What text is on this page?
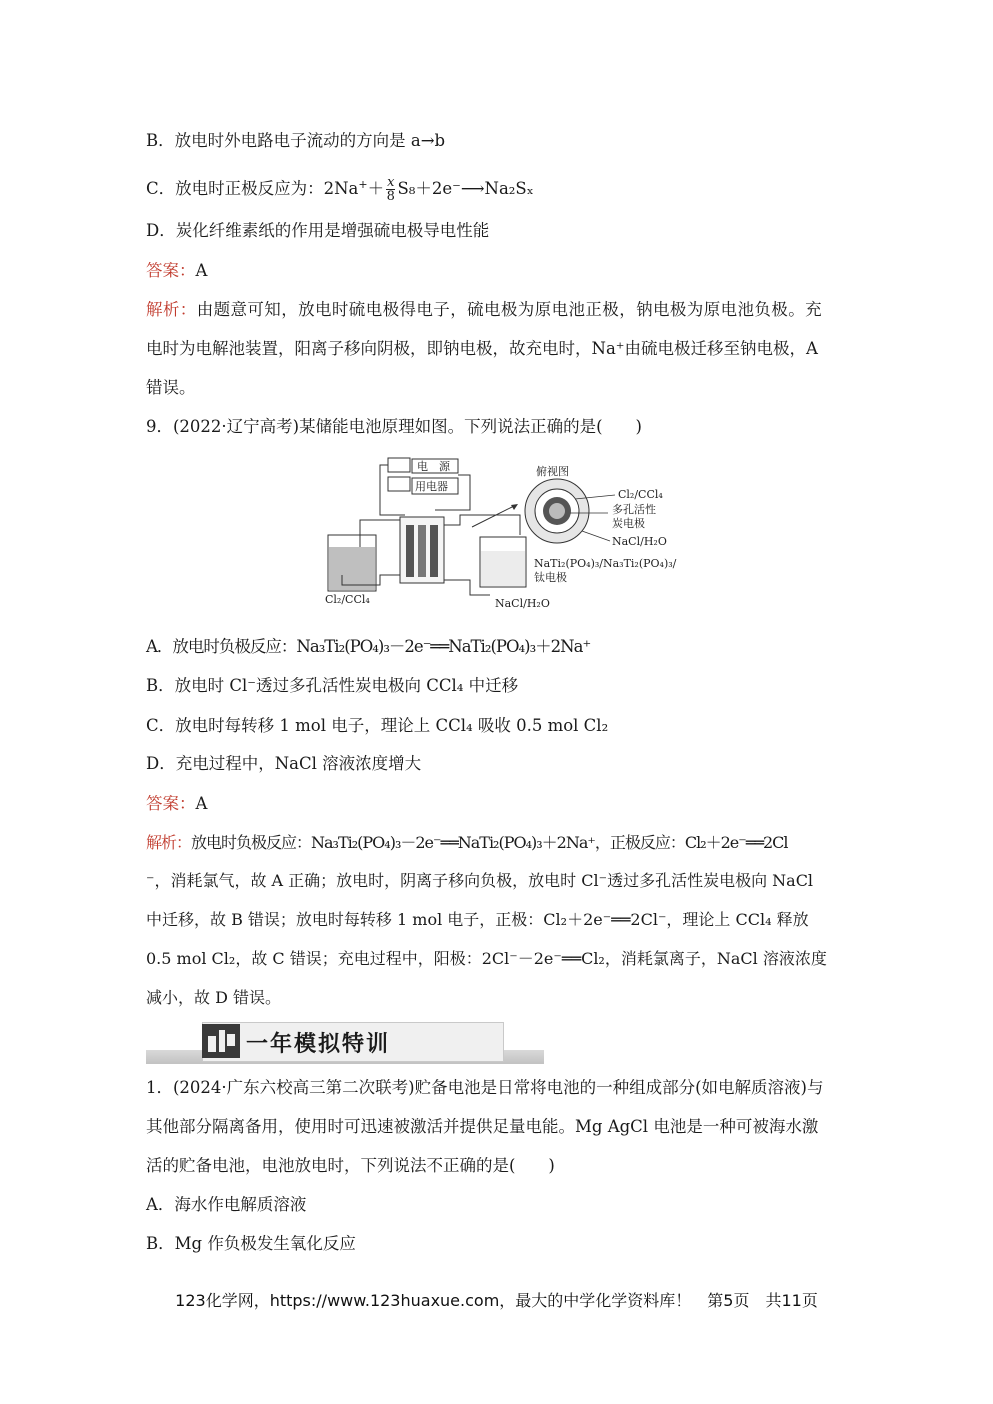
B．放电时外电路电子流动的方向是 a→b
C．放电时正极反应为：$2Na^++ \frac{x}{8}$ S₈＋2e⁻⟶Na₂Sₓ
D．炭化纤维素纸的作用是增强硫电极导电性能
答案：A
解析：由题意可知，放电时硫电极得电子，硫电极为原电池正极，钠电极为原电池负极。充
电时为电解池装置，阳离子移向阴极，即钠电极，故充电时，Na⁺由硫电极迁移至钠电极，A
错误。
9．(2022·辽宁高考)某储能电池原理如图。下列说法正确的是(　　)
电　源
用电器
Cl₂/CCl₄	NaCl/H₂O
俯视图
Cl₂/CCl₄
多孔活性
炭电极
NaCl/H₂O
NaTi₂(PO₄)₃/Na₃Ti₂(PO₄)₃/
钛电极
A．放电时负极反应：Na₃Ti₂(PO₄)₃－2e⁻══NaTi₂(PO₄)₃＋2Na⁺
B．放电时 Cl⁻透过多孔活性炭电极向 CCl₄ 中迁移
C．放电时每转移 1 mol 电子，理论上 CCl₄ 吸收 0.5 mol Cl₂
D．充电过程中，NaCl 溶液浓度增大
答案：A
解析：放电时负极反应：Na₃Ti₂(PO₄)₃－2e⁻══NaTi₂(PO₄)₃＋2Na⁺，正极反应：Cl₂＋2e⁻══2Cl
⁻，消耗氯气，故 A 正确；放电时，阴离子移向负极，放电时 Cl⁻透过多孔活性炭电极向 NaCl
中迁移，故 B 错误；放电时每转移 1 mol 电子，正极：Cl₂＋2e⁻══2Cl⁻，理论上 CCl₄ 释放
0.5 mol Cl₂，故 C 错误；充电过程中，阳极：2Cl⁻－2e⁻══Cl₂，消耗氯离子，NaCl 溶液浓度
减小，故 D 错误。
一年模拟特训
1．(2024·广东六校高三第二次联考)贮备电池是日常将电池的一种组成部分(如电解质溶液)与
其他部分隔离备用，使用时可迅速被激活并提供足量电能。Mg AgCl 电池是一种可被海水激
活的贮备电池，电池放电时，下列说法不正确的是(　　)
A．海水作电解质溶液
B．Mg 作负极发生氧化反应
123化学网，https://www.123huaxue.com，最大的中学化学资料库！　第5页　共11页
